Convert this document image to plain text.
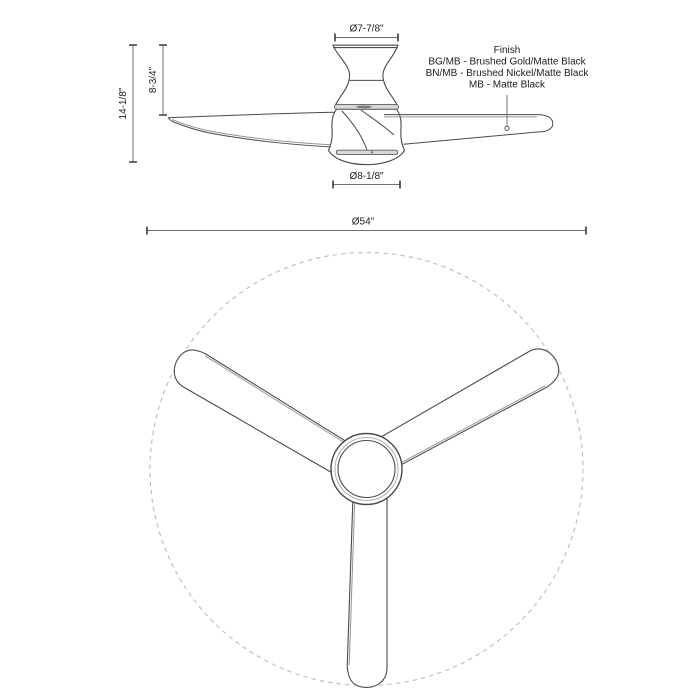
Ø7-7/8"
Ø8-1/8"
14-1/8"
8-3/4"
Finish
BG/MB - Brushed Gold/Matte Black
BN/MB - Brushed Nickel/Matte Black
MB - Matte Black
Ø54"
